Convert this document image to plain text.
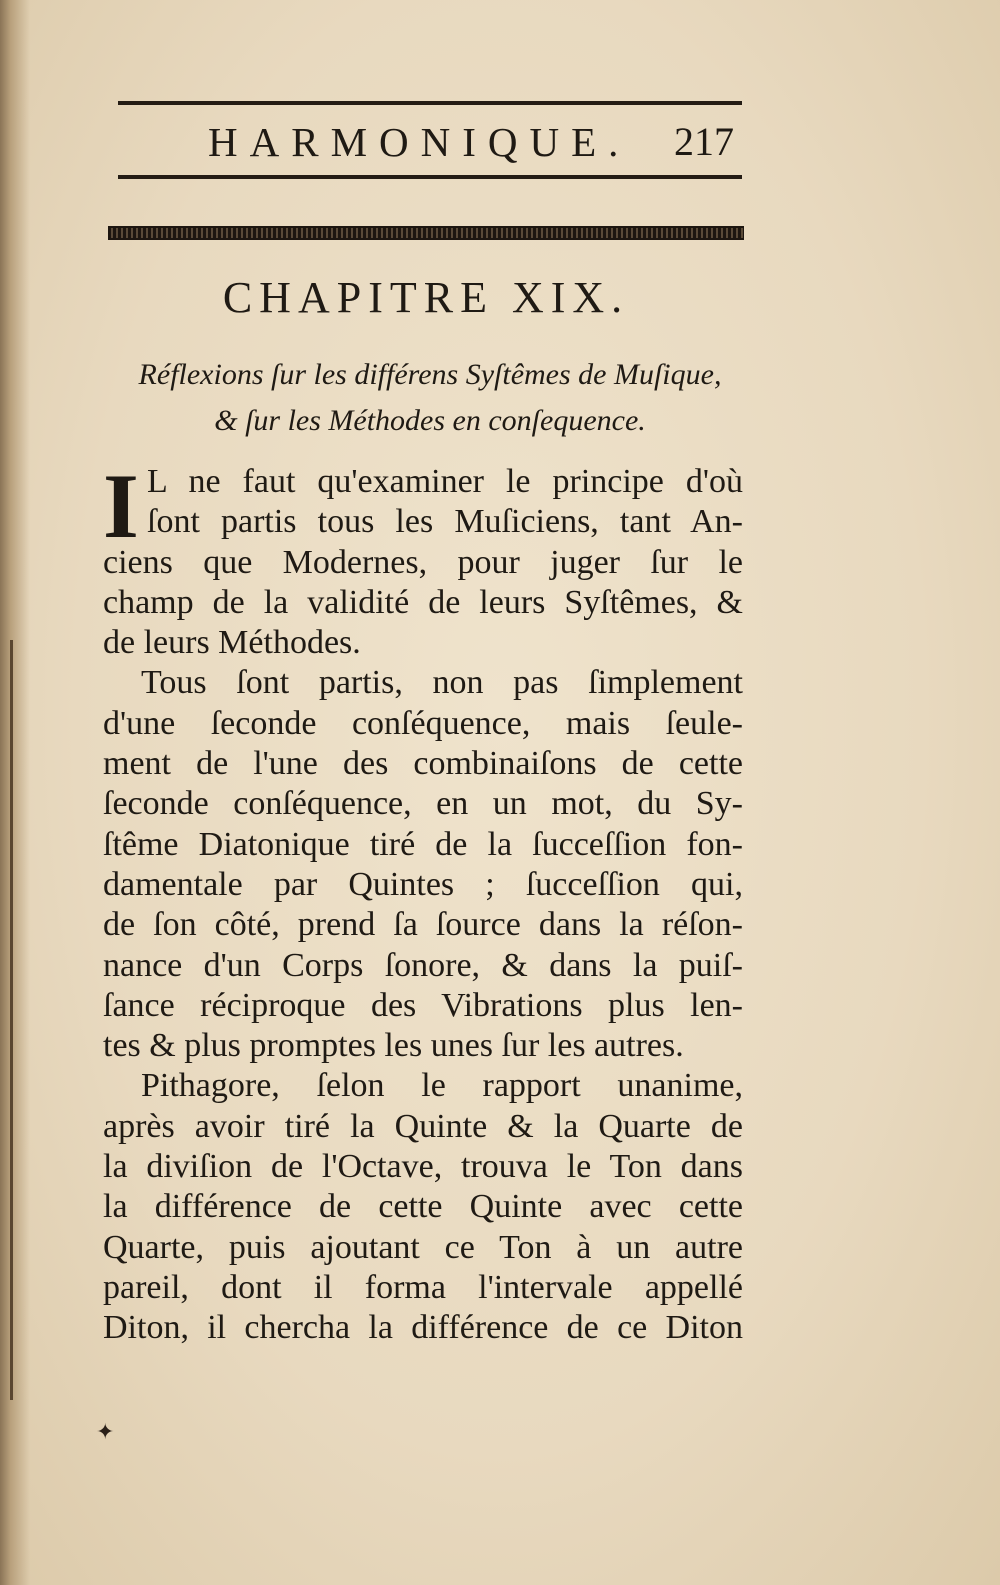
HARMONIQUE. 217
CHAPITRE XIX.
Réflexions ſur les différens Syſtêmes de Muſique,
& ſur les Méthodes en conſequence.
I L ne faut qu'examiner le principe d'où
ſont partis tous les Muſiciens, tant An-
ciens que Modernes, pour juger ſur le
champ de la validité de leurs Syſtêmes, &
de leurs Méthodes.
Tous ſont partis, non pas ſimplement
d'une ſeconde conſéquence, mais ſeule-
ment de l'une des combinaiſons de cette
ſeconde conſéquence, en un mot, du Sy-
ſtême Diatonique tiré de la ſucceſſion fon-
damentale par Quintes ; ſucceſſion qui,
de ſon côté, prend ſa ſource dans la réſon-
nance d'un Corps ſonore, & dans la puiſ-
ſance réciproque des Vibrations plus len-
tes & plus promptes les unes ſur les autres.
Pithagore, ſelon le rapport unanime,
après avoir tiré la Quinte & la Quarte de
la diviſion de l'Octave, trouva le Ton dans
la différence de cette Quinte avec cette
Quarte, puis ajoutant ce Ton à un autre
pareil, dont il forma l'intervale appellé
Diton, il chercha la différence de ce Diton
✦
